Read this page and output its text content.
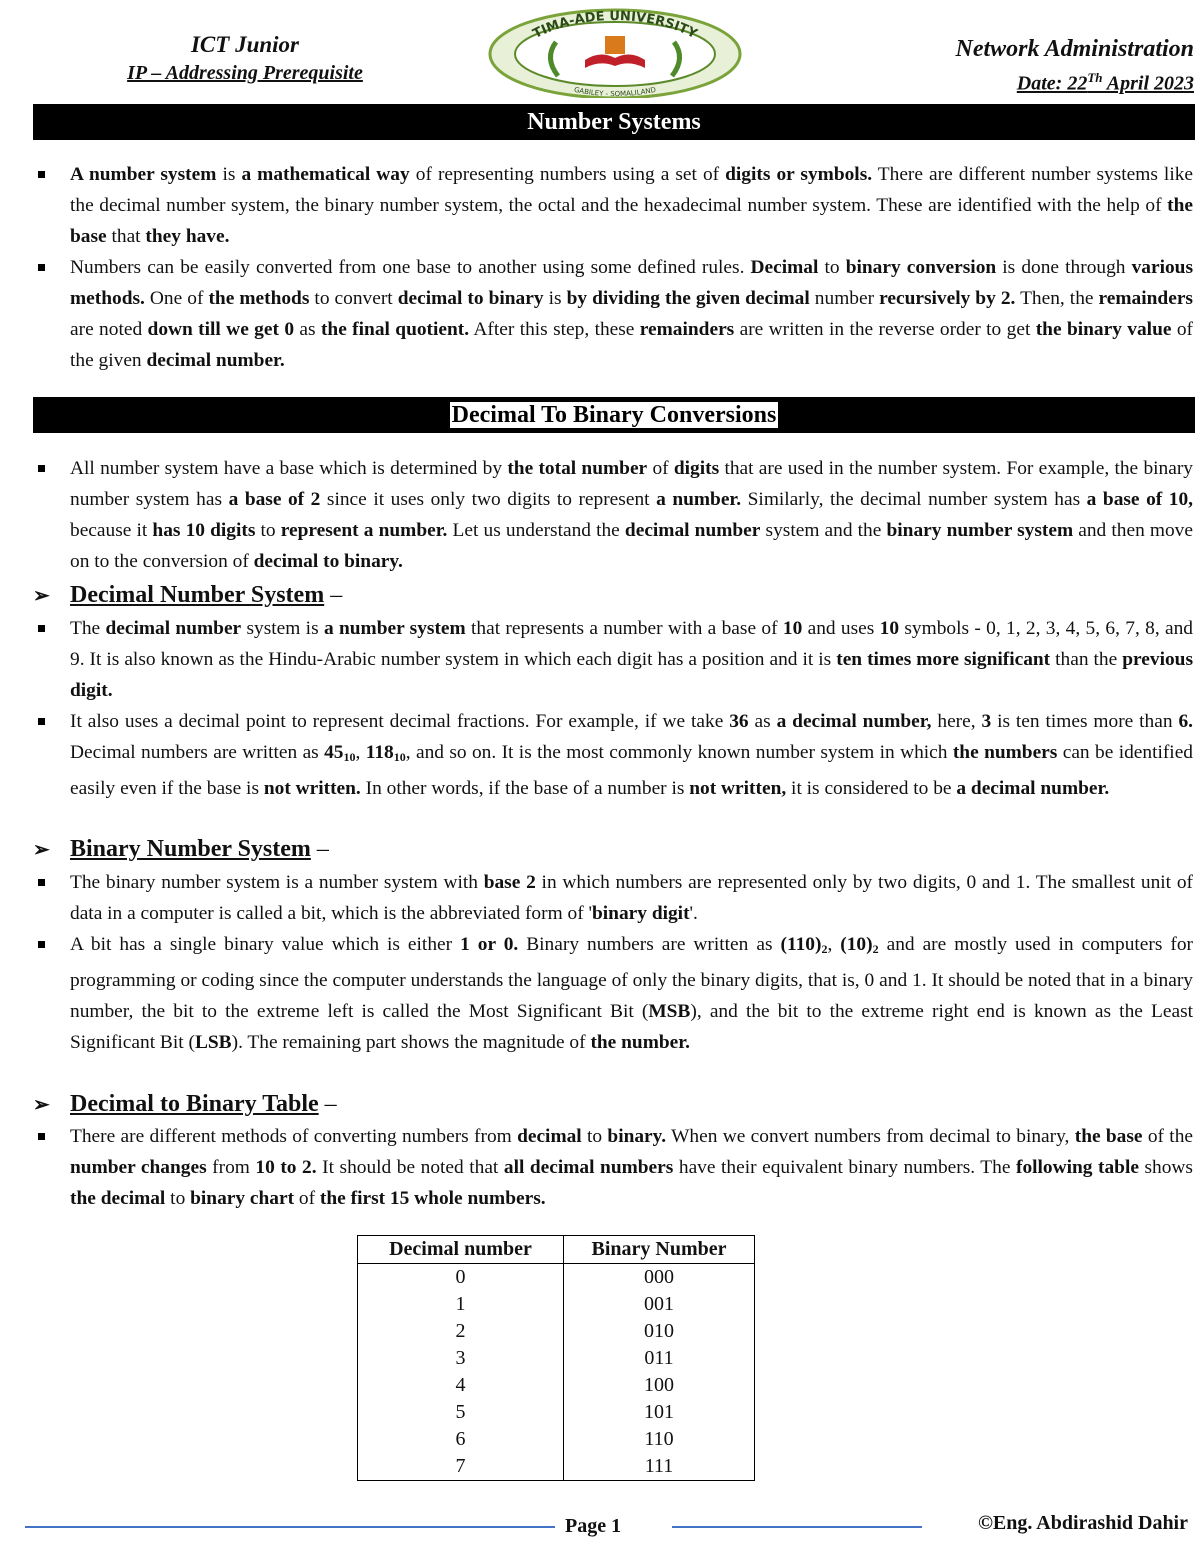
ICT Junior
IP – Addressing Prerequisite
TIMA-ADE UNIVERSITY
GABILEY - SOMALILAND
Network Administration
Date: 22Th April 2023
Number Systems
A number system is a mathematical way of representing numbers using a set of digits or symbols. There are different number systems like the decimal number system, the binary number system, the octal and the hexadecimal number system. These are identified with the help of the base that they have.
Numbers can be easily converted from one base to another using some defined rules. Decimal to binary conversion is done through various methods. One of the methods to convert decimal to binary is by dividing the given decimal number recursively by 2. Then, the remainders are noted down till we get 0 as the final quotient. After this step, these remainders are written in the reverse order to get the binary value of the given decimal number.
Decimal To Binary Conversions
All number system have a base which is determined by the total number of digits that are used in the number system. For example, the binary number system has a base of 2 since it uses only two digits to represent a number. Similarly, the decimal number system has a base of 10, because it has 10 digits to represent a number. Let us understand the decimal number system and the binary number system and then move on to the conversion of decimal to binary.
➢ Decimal Number System –
The decimal number system is a number system that represents a number with a base of 10 and uses 10 symbols - 0, 1, 2, 3, 4, 5, 6, 7, 8, and 9. It is also known as the Hindu-Arabic number system in which each digit has a position and it is ten times more significant than the previous digit.
It also uses a decimal point to represent decimal fractions. For example, if we take 36 as a decimal number, here, 3 is ten times more than 6. Decimal numbers are written as $45_{10}$, $118_{10}$, and so on. It is the most commonly known number system in which the numbers can be identified easily even if the base is not written. In other words, if the base of a number is not written, it is considered to be a decimal number.
➢ Binary Number System –
The binary number system is a number system with base 2 in which numbers are represented only by two digits, 0 and 1. The smallest unit of data in a computer is called a bit, which is the abbreviated form of 'binary digit'.
A bit has a single binary value which is either 1 or 0. Binary numbers are written as $(110)_2$, $(10)_2$ and are mostly used in computers for programming or coding since the computer understands the language of only the binary digits, that is, 0 and 1. It should be noted that in a binary number, the bit to the extreme left is called the Most Significant Bit (MSB), and the bit to the extreme right end is known as the Least Significant Bit (LSB). The remaining part shows the magnitude of the number.
➢ Decimal to Binary Table –
There are different methods of converting numbers from decimal to binary. When we convert numbers from decimal to binary, the base of the number changes from 10 to 2. It should be noted that all decimal numbers have their equivalent binary numbers. The following table shows the decimal to binary chart of the first 15 whole numbers.
Decimal number	Binary Number
0	000
1	001
2	010
3	011
4	100
5	101
6	110
7	111
Page 1	©Eng. Abdirashid Dahir
